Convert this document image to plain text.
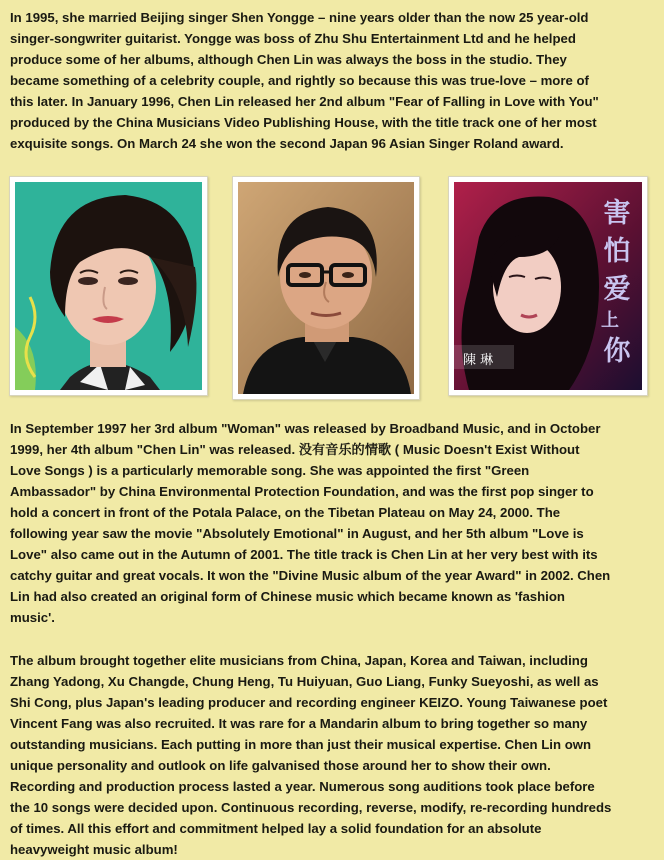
In 1995, she married Beijing singer Shen Yongge – nine years older than the now 25 year-old
singer-songwriter guitarist. Yongge was boss of Zhu Shu Entertainment Ltd and he helped
produce some of her albums, although Chen Lin was always the boss in the studio. They
became something of a celebrity couple, and rightly so because this was true-love – more of
this later. In January 1996, Chen Lin released her 2nd album "Fear of Falling in Love with You"
produced by the China Musicians Video Publishing House, with the title track one of her most
exquisite songs. On March 24 she won the second Japan 96 Asian Singer Roland award.

害
怕
爱
上
你
陳 琳

In September 1997 her 3rd album "Woman" was released by Broadband Music, and in October
1999, her 4th album "Chen Lin" was released. 没有音乐的情歌 ( Music Doesn't Exist Without
Love Songs ) is a particularly memorable song. She was appointed the first "Green
Ambassador" by China Environmental Protection Foundation, and was the first pop singer to
hold a concert in front of the Potala Palace, on the Tibetan Plateau on May 24, 2000. The
following year saw the movie "Absolutely Emotional" in August, and her 5th album "Love is
Love" also came out in the Autumn of 2001. The title track is Chen Lin at her very best with its
catchy guitar and great vocals. It won the "Divine Music album of the year Award" in 2002. Chen
Lin had also created an original form of Chinese music which became known as 'fashion
music'.

The album brought together elite musicians from China, Japan, Korea and Taiwan, including
Zhang Yadong, Xu Changde, Chung Heng, Tu Huiyuan, Guo Liang, Funky Sueyoshi, as well as
Shi Cong, plus Japan's leading producer and recording engineer KEIZO. Young Taiwanese poet
Vincent Fang was also recruited. It was rare for a Mandarin album to bring together so many
outstanding musicians. Each putting in more than just their musical expertise. Chen Lin own
unique personality and outlook on life galvanised those around her to show their own.
Recording and production process lasted a year. Numerous song auditions took place before
the 10 songs were decided upon. Continuous recording, reverse, modify, re-recording hundreds
of times. All this effort and commitment helped lay a solid foundation for an absolute
heavyweight music album!
